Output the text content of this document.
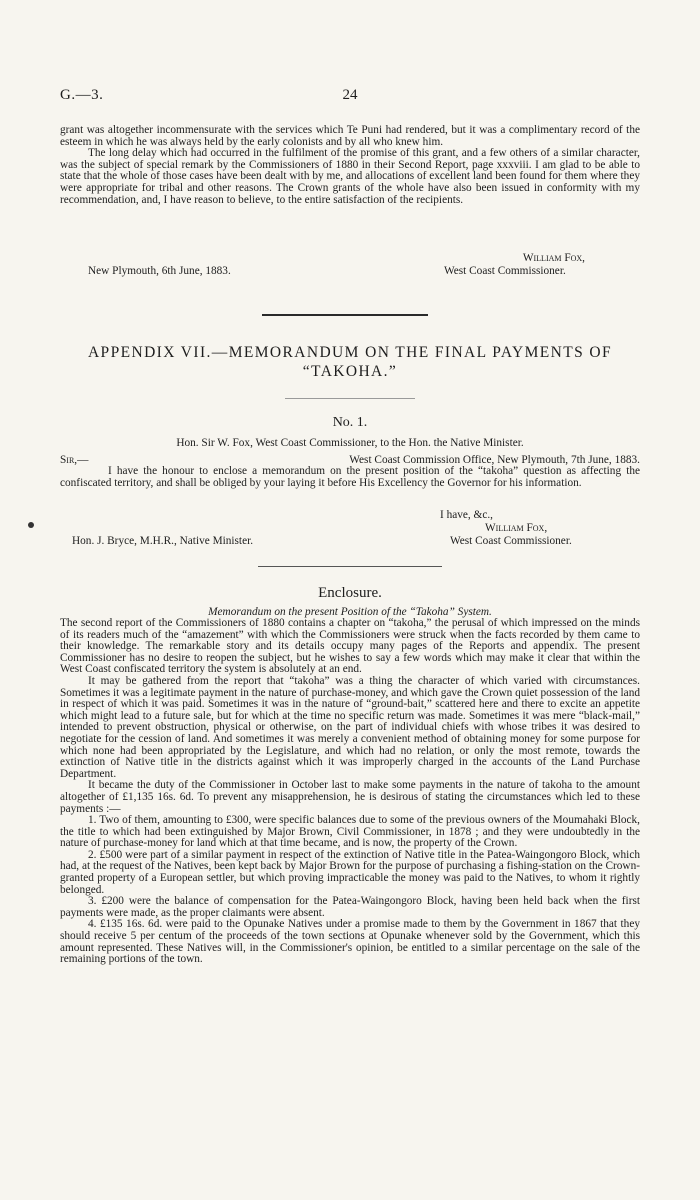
G.—3.	24

grant was altogether incommensurate with the services which Te Puni had rendered, but it was a complimentary record of the esteem in which he was always held by the early colonists and by all who knew him.

The long delay which had occurred in the fulfilment of the promise of this grant, and a few others of a similar character, was the subject of special remark by the Commissioners of 1880 in their Second Report, page xxxviii. I am glad to be able to state that the whole of those cases have been dealt with by me, and allocations of excellent land been found for them where they were appropriate for tribal and other reasons. The Crown grants of the whole have also been issued in conformity with my recommendation, and, I have reason to believe, to the entire satisfaction of the recipients.

William Fox,
New Plymouth, 6th June, 1883.	West Coast Commissioner.
APPENDIX VII.—MEMORANDUM ON THE FINAL PAYMENTS OF “TAKOHA.”
No. 1.
Hon. Sir W. Fox, West Coast Commissioner, to the Hon. the Native Minister.
Sir,—	West Coast Commission Office, New Plymouth, 7th June, 1883.

I have the honour to enclose a memorandum on the present position of the “takoha” question as affecting the confiscated territory, and shall be obliged by your laying it before His Excellency the Governor for his information.

I have, &c.,
William Fox,
Hon. J. Bryce, M.H.R., Native Minister.	West Coast Commissioner.
Enclosure.
Memorandum on the present Position of the “Takoha” System.

The second report of the Commissioners of 1880 contains a chapter on “takoha,” the perusal of which impressed on the minds of its readers much of the “amazement” with which the Commissioners were struck when the facts recorded by them came to their knowledge. The remarkable story and its details occupy many pages of the Reports and appendix. The present Commissioner has no desire to reopen the subject, but he wishes to say a few words which may make it clear that within the West Coast confiscated territory the system is absolutely at an end.

It may be gathered from the report that “takoha” was a thing the character of which varied with circumstances. Sometimes it was a legitimate payment in the nature of purchase-money, and which gave the Crown quiet possession of the land in respect of which it was paid. Sometimes it was in the nature of “ground-bait,” scattered here and there to excite an appetite which might lead to a future sale, but for which at the time no specific return was made. Sometimes it was mere “black-mail,” intended to prevent obstruction, physical or otherwise, on the part of individual chiefs with whose tribes it was desired to negotiate for the cession of land. And sometimes it was merely a convenient method of obtaining money for some purpose for which none had been appropriated by the Legislature, and which had no relation, or only the most remote, towards the extinction of Native title in the districts against which it was improperly charged in the accounts of the Land Purchase Department.

It became the duty of the Commissioner in October last to make some payments in the nature of takoha to the amount altogether of £1,135 16s. 6d. To prevent any misapprehension, he is desirous of stating the circumstances which led to these payments :—

1. Two of them, amounting to £300, were specific balances due to some of the previous owners of the Moumahaki Block, the title to which had been extinguished by Major Brown, Civil Commissioner, in 1878 ; and they were undoubtedly in the nature of purchase-money for land which at that time became, and is now, the property of the Crown.

2. £500 were part of a similar payment in respect of the extinction of Native title in the Patea-Waingongoro Block, which had, at the request of the Natives, been kept back by Major Brown for the purpose of purchasing a fishing-station on the Crown-granted property of a European settler, but which proving impracticable the money was paid to the Natives, to whom it rightly belonged.

3. £200 were the balance of compensation for the Patea-Waingongoro Block, having been held back when the first payments were made, as the proper claimants were absent.

4. £135 16s. 6d. were paid to the Opunake Natives under a promise made to them by the Government in 1867 that they should receive 5 per centum of the proceeds of the town sections at Opunake whenever sold by the Government, which this amount represented. These Natives will, in the Commissioner's opinion, be entitled to a similar percentage on the sale of the remaining portions of the town.
